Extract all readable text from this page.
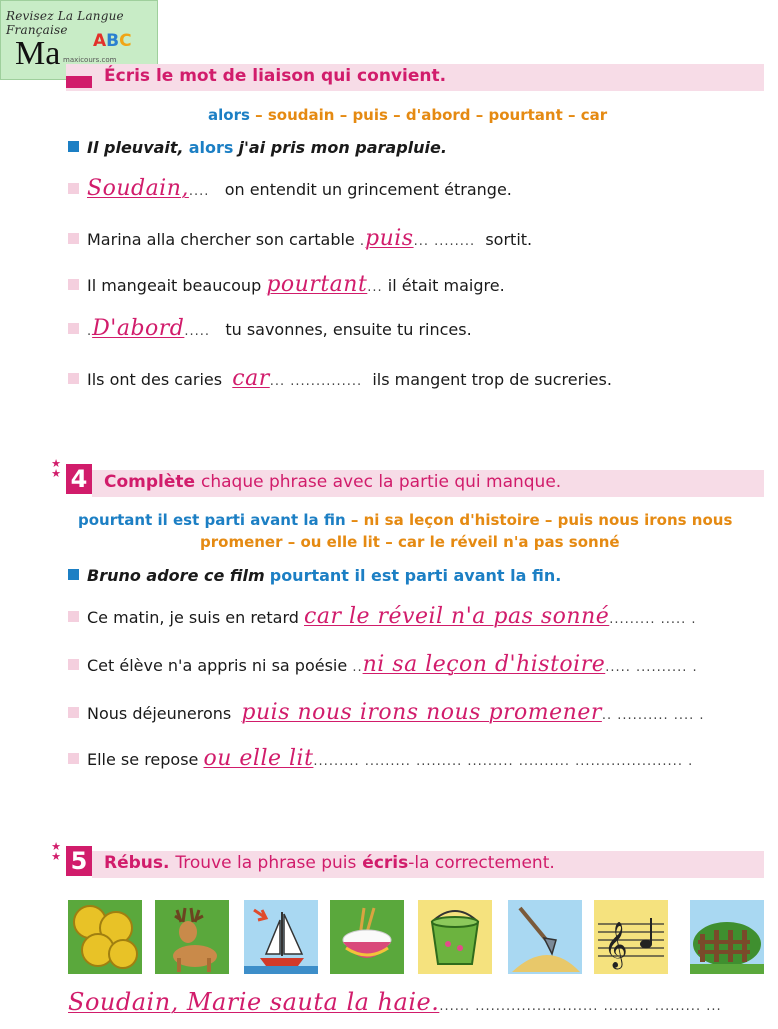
Revisez La Langue Française
Ma ABC
maxicours.com
Écris le mot de liaison qui convient.
alors – soudain – puis – d'abord – pourtant – car
Il pleuvait, alors j'ai pris mon parapluie.
Soudain,.... on entendit un grincement étrange.
Marina alla chercher son cartable .puis... ........ sortit.
Il mangeait beaucoup pourtant... il était maigre.
.D'abord..... tu savonnes, ensuite tu rinces.
Ils ont des caries car... .............. ils mangent trop de sucreries.
★
★ 4 Complète chaque phrase avec la partie qui manque.
pourtant il est parti avant la fin – ni sa leçon d'histoire – puis nous irons nous
promener – ou elle lit – car le réveil n'a pas sonné
Bruno adore ce film pourtant il est parti avant la fin.
Ce matin, je suis en retard car le réveil n'a pas sonné......... ..... .
Cet élève n'a appris ni sa poésie ..ni sa leçon d'histoire..... .......... .
Nous déjeunerons puis nous irons nous promener.. .......... .... .
Elle se repose ou elle lit......... ......... ......... ......... .......... ..................... .
★
★ 5 Rébus. Trouve la phrase puis écris-la correctement.
𝄞
Soudain, Marie sauta la haie....... ........................ ......... ......... ...
